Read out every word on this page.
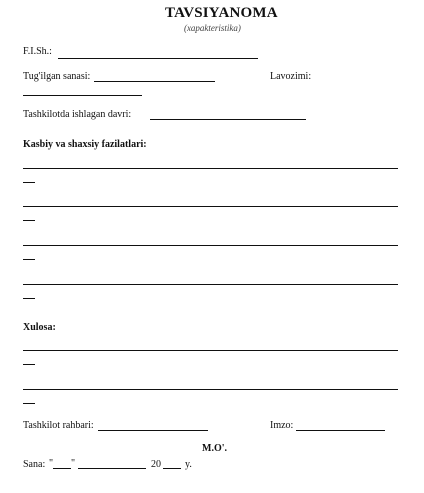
TAVSIYANOMA
(харakteristika)
F.I.Sh.:
Tug'ilgan sanasi:	Lavozimi:
Tashkilotda ishlagan davri:
Kasbiy va shaxsiy fazilatlari:
Xulosa:
Tashkilot rahbari:	Imzo:
M.O'.
Sana: " "	20 y.
